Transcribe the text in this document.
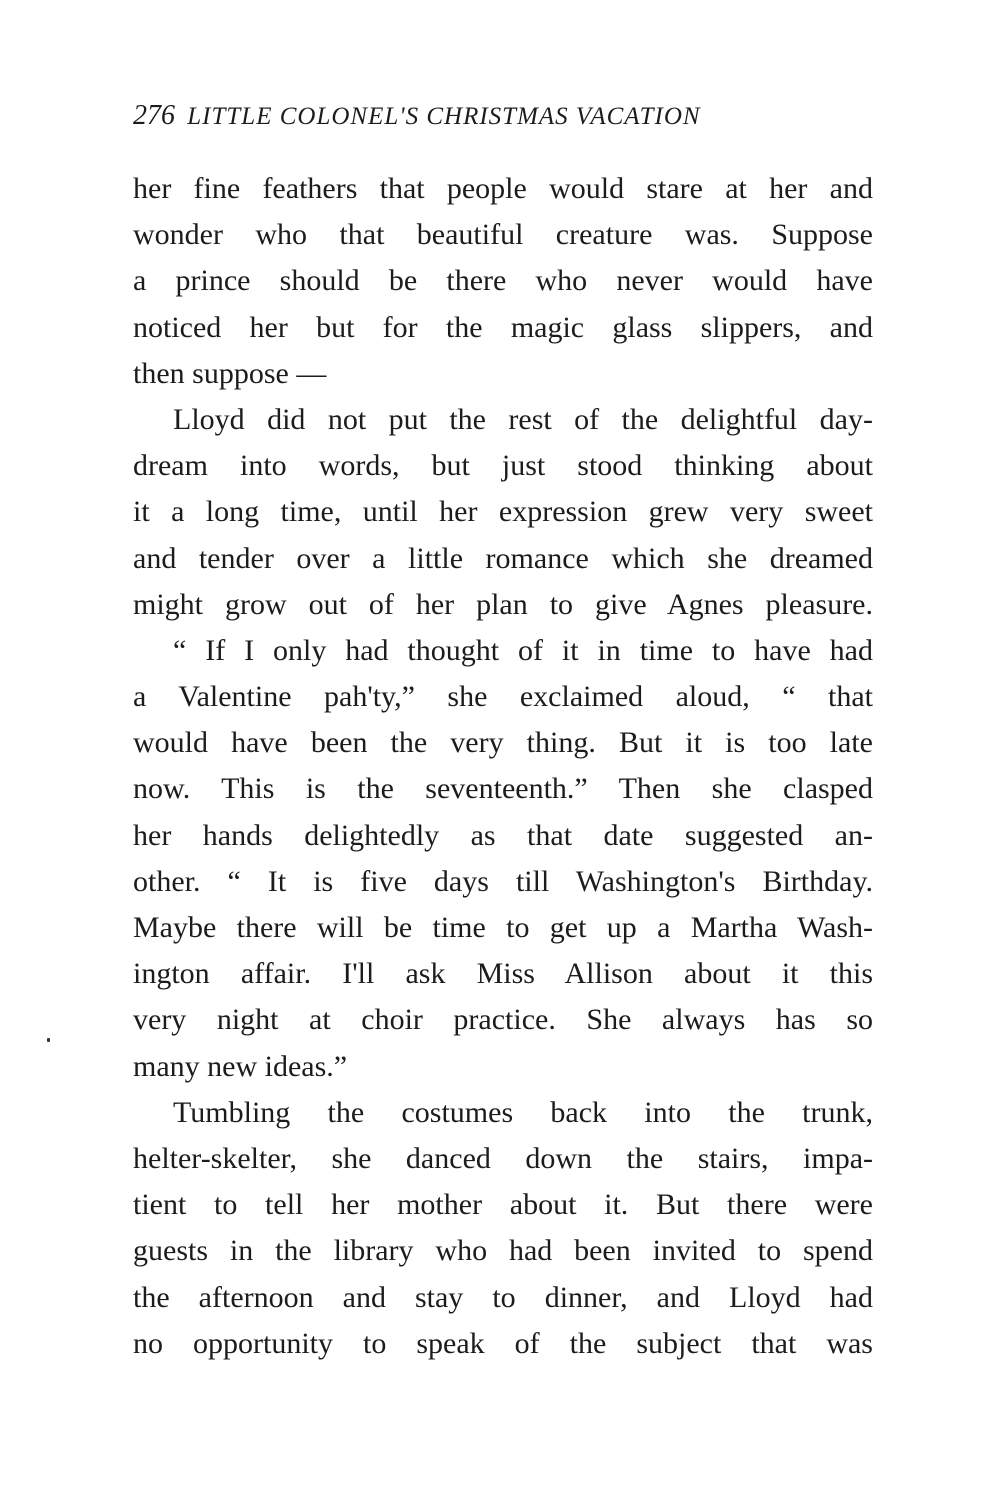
276 LITTLE COLONEL'S CHRISTMAS VACATION
her fine feathers that people would stare at her and
wonder who that beautiful creature was. Suppose
a prince should be there who never would have
noticed her but for the magic glass slippers, and
then suppose —
Lloyd did not put the rest of the delightful day-
dream into words, but just stood thinking about
it a long time, until her expression grew very sweet
and tender over a little romance which she dreamed
might grow out of her plan to give Agnes pleasure.
“ If I only had thought of it in time to have had
a Valentine pah'ty,” she exclaimed aloud, “ that
would have been the very thing. But it is too late
now. This is the seventeenth.” Then she clasped
her hands delightedly as that date suggested an-
other. “ It is five days till Washington's Birthday.
Maybe there will be time to get up a Martha Wash-
ington affair. I'll ask Miss Allison about it this
very night at choir practice. She always has so
many new ideas.”
Tumbling the costumes back into the trunk,
helter-skelter, she danced down the stairs, impa-
tient to tell her mother about it. But there were
guests in the library who had been invited to spend
the afternoon and stay to dinner, and Lloyd had
no opportunity to speak of the subject that was
